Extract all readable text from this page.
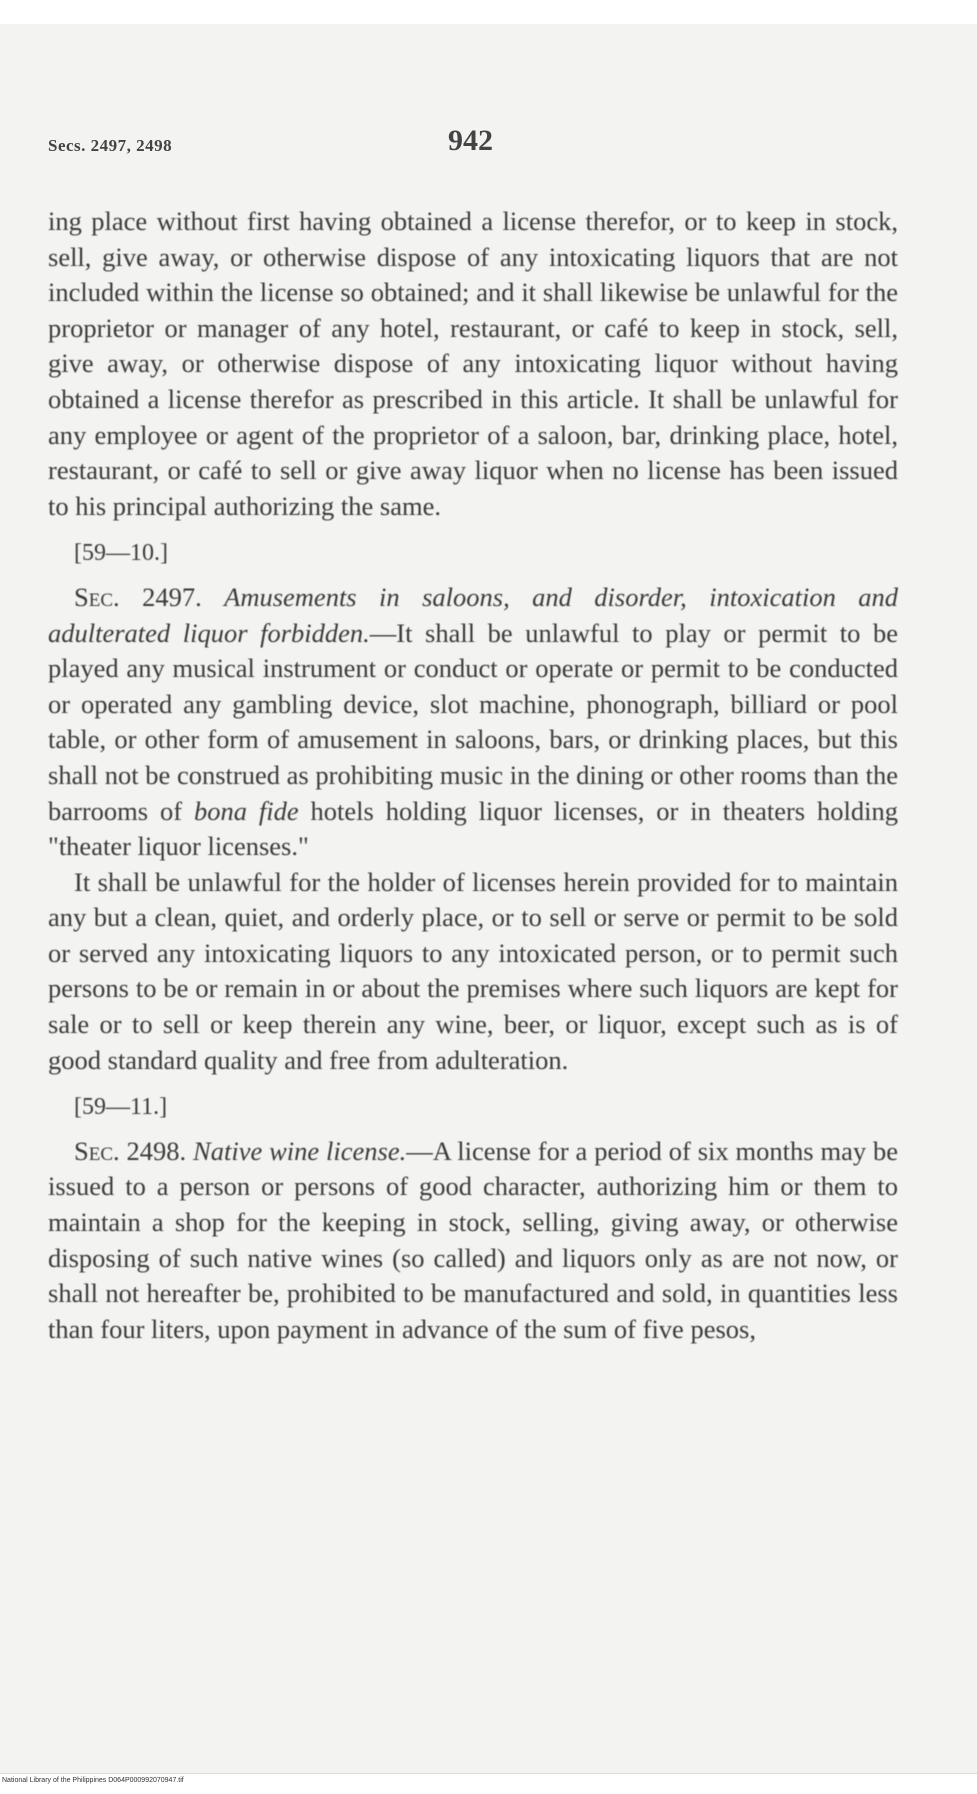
Secs. 2497, 2498	942

ing place without first having obtained a license therefor, or to keep in stock, sell, give away, or otherwise dispose of any intoxicating liquors that are not included within the license so obtained; and it shall likewise be unlawful for the proprietor or manager of any hotel, restaurant, or café to keep in stock, sell, give away, or otherwise dispose of any intoxicating liquor without having obtained a license therefor as prescribed in this article. It shall be unlawful for any employee or agent of the proprietor of a saloon, bar, drinking place, hotel, restaurant, or café to sell or give away liquor when no license has been issued to his principal authorizing the same.

[59—10.]

Sec. 2497. Amusements in saloons, and disorder, intoxication and adulterated liquor forbidden.—It shall be unlawful to play or permit to be played any musical instrument or conduct or operate or permit to be conducted or operated any gambling device, slot machine, phonograph, billiard or pool table, or other form of amusement in saloons, bars, or drinking places, but this shall not be construed as prohibiting music in the dining or other rooms than the barrooms of bona fide hotels holding liquor licenses, or in theaters holding "theater liquor licenses."

It shall be unlawful for the holder of licenses herein provided for to maintain any but a clean, quiet, and orderly place, or to sell or serve or permit to be sold or served any intoxicating liquors to any intoxicated person, or to permit such persons to be or remain in or about the premises where such liquors are kept for sale or to sell or keep therein any wine, beer, or liquor, except such as is of good standard quality and free from adulteration.

[59—11.]

Sec. 2498. Native wine license.—A license for a period of six months may be issued to a person or persons of good character, authorizing him or them to maintain a shop for the keeping in stock, selling, giving away, or otherwise disposing of such native wines (so called) and liquors only as are not now, or shall not hereafter be, prohibited to be manufactured and sold, in quantities less than four liters, upon payment in advance of the sum of five pesos,

National Library of the Philippines D064P000992070947.tif
